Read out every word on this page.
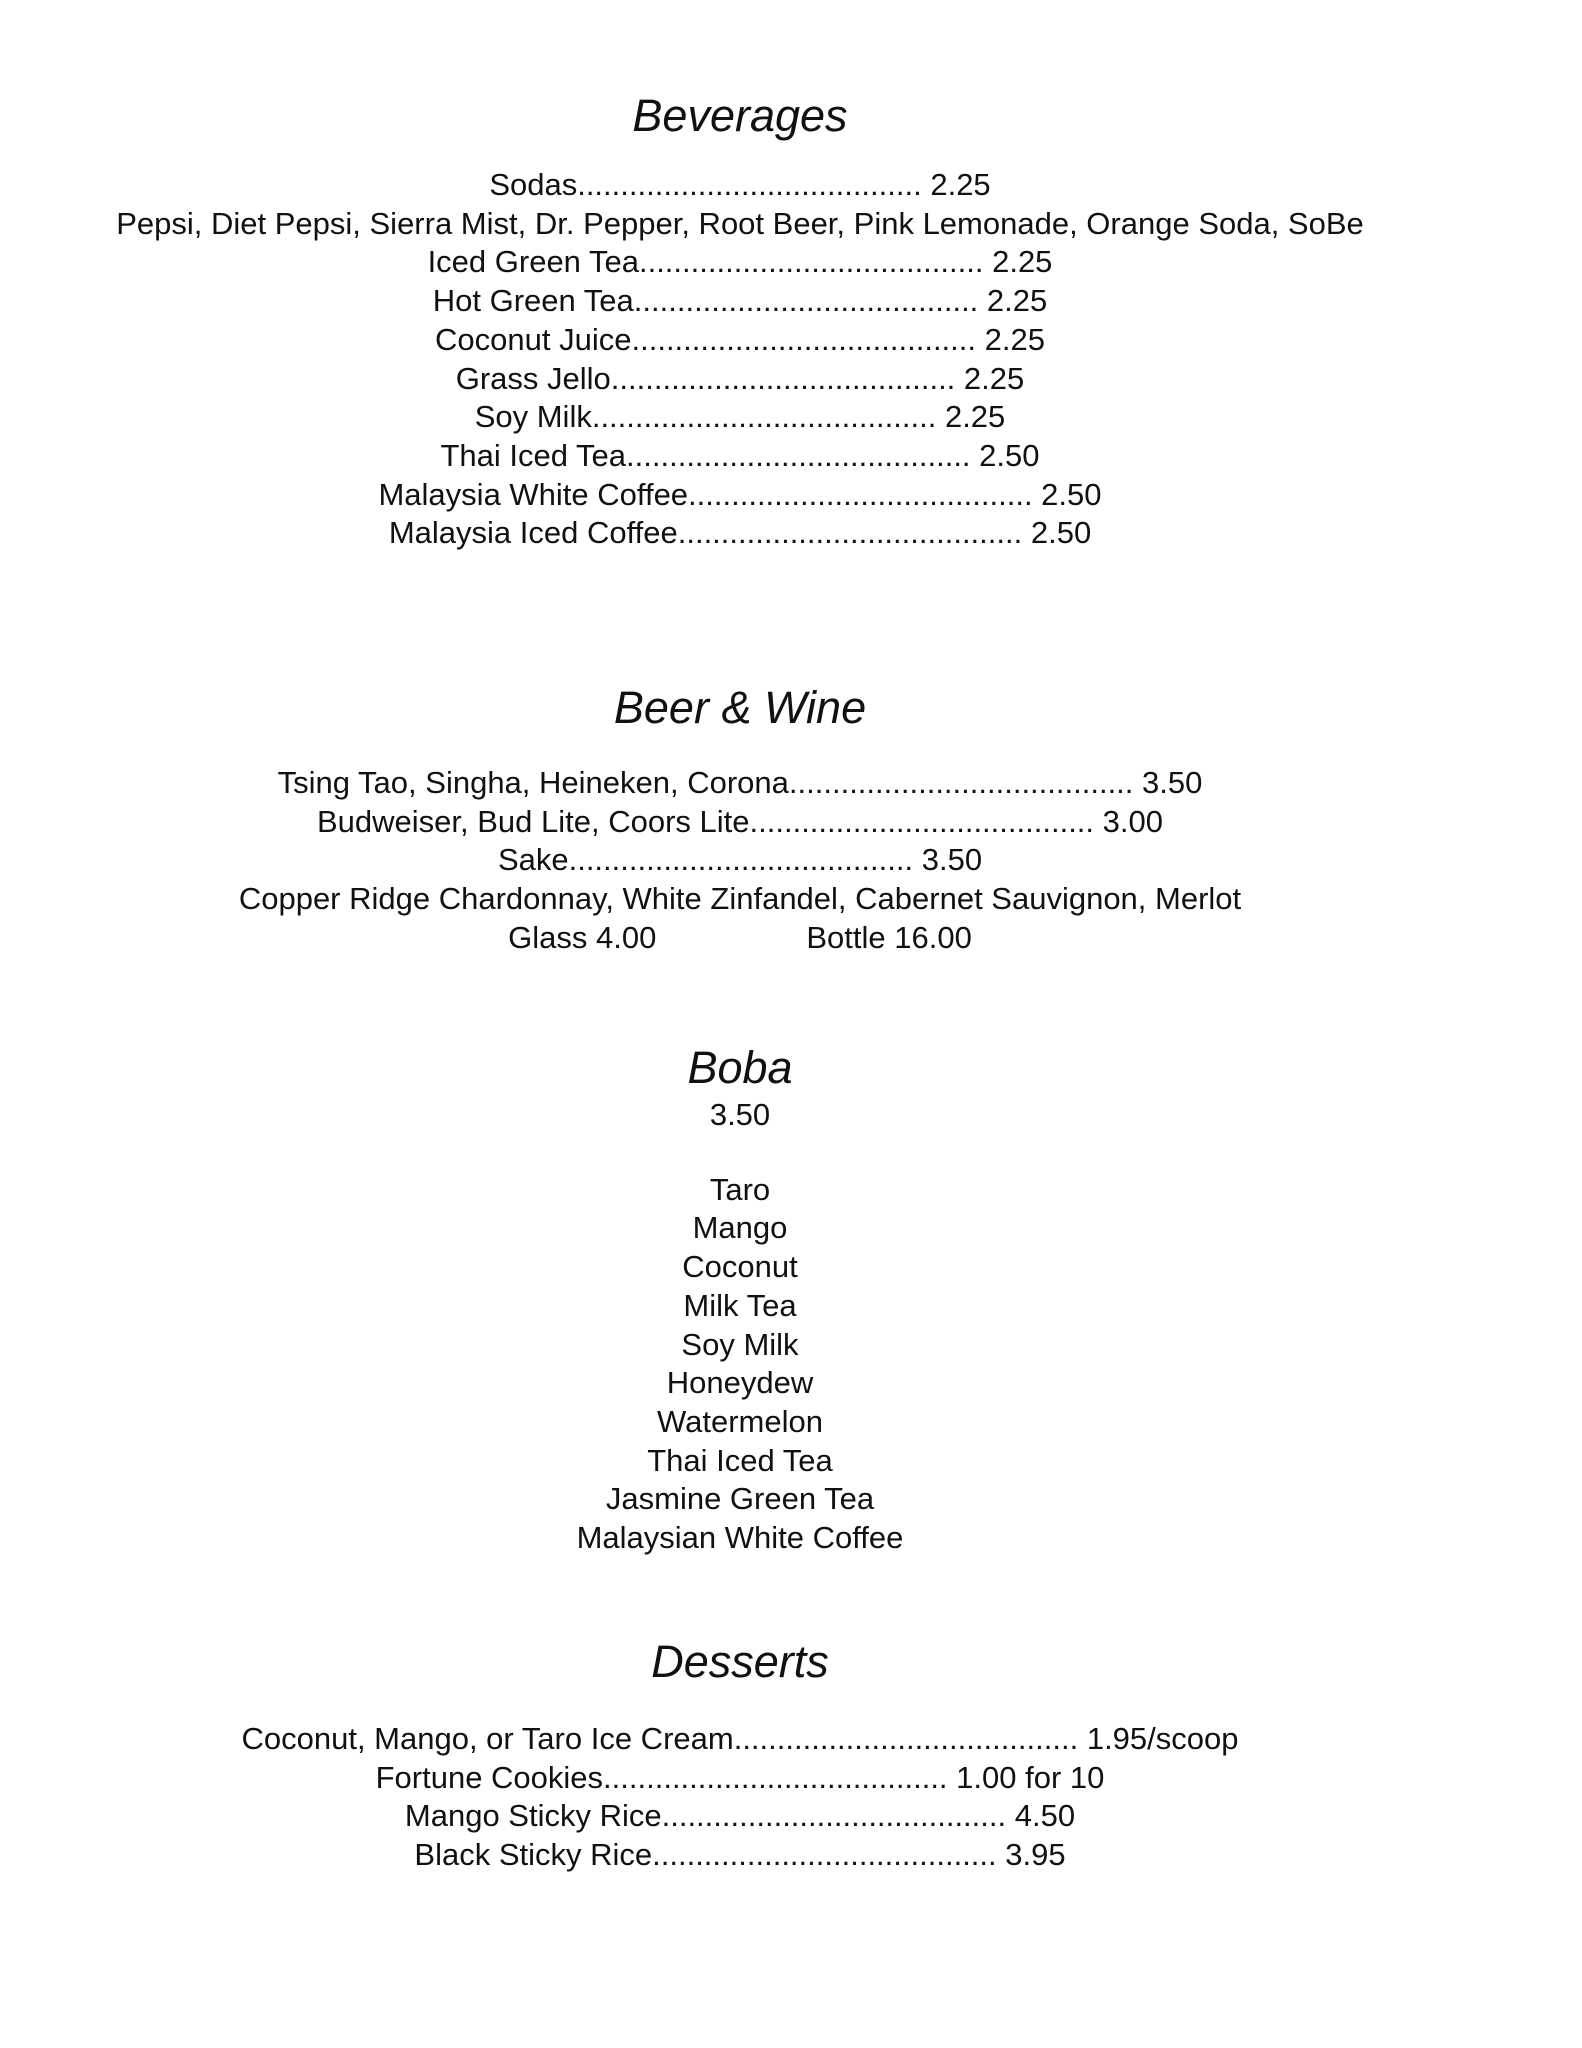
Beverages

Sodas........................................ 2.25

Pepsi, Diet Pepsi, Sierra Mist, Dr. Pepper, Root Beer, Pink Lemonade, Orange Soda, SoBe

Iced Green Tea........................................ 2.25

Hot Green Tea........................................ 2.25

Coconut Juice........................................ 2.25

Grass Jello........................................ 2.25

Soy Milk........................................ 2.25

Thai Iced Tea........................................ 2.50

Malaysia White Coffee........................................ 2.50

Malaysia Iced Coffee........................................ 2.50

Beer & Wine

Tsing Tao, Singha, Heineken, Corona........................................ 3.50

Budweiser, Bud Lite, Coors Lite........................................ 3.00

Sake........................................ 3.50

Copper Ridge Chardonnay, White Zinfandel, Cabernet Sauvignon, Merlot

Glass 4.00	Bottle 16.00

Boba

3.50

Taro

Mango

Coconut

Milk Tea

Soy Milk

Honeydew

Watermelon

Thai Iced Tea

Jasmine Green Tea

Malaysian White Coffee

Desserts

Coconut, Mango, or Taro Ice Cream........................................ 1.95/scoop

Fortune Cookies........................................ 1.00 for 10

Mango Sticky Rice........................................ 4.50

Black Sticky Rice........................................ 3.95
